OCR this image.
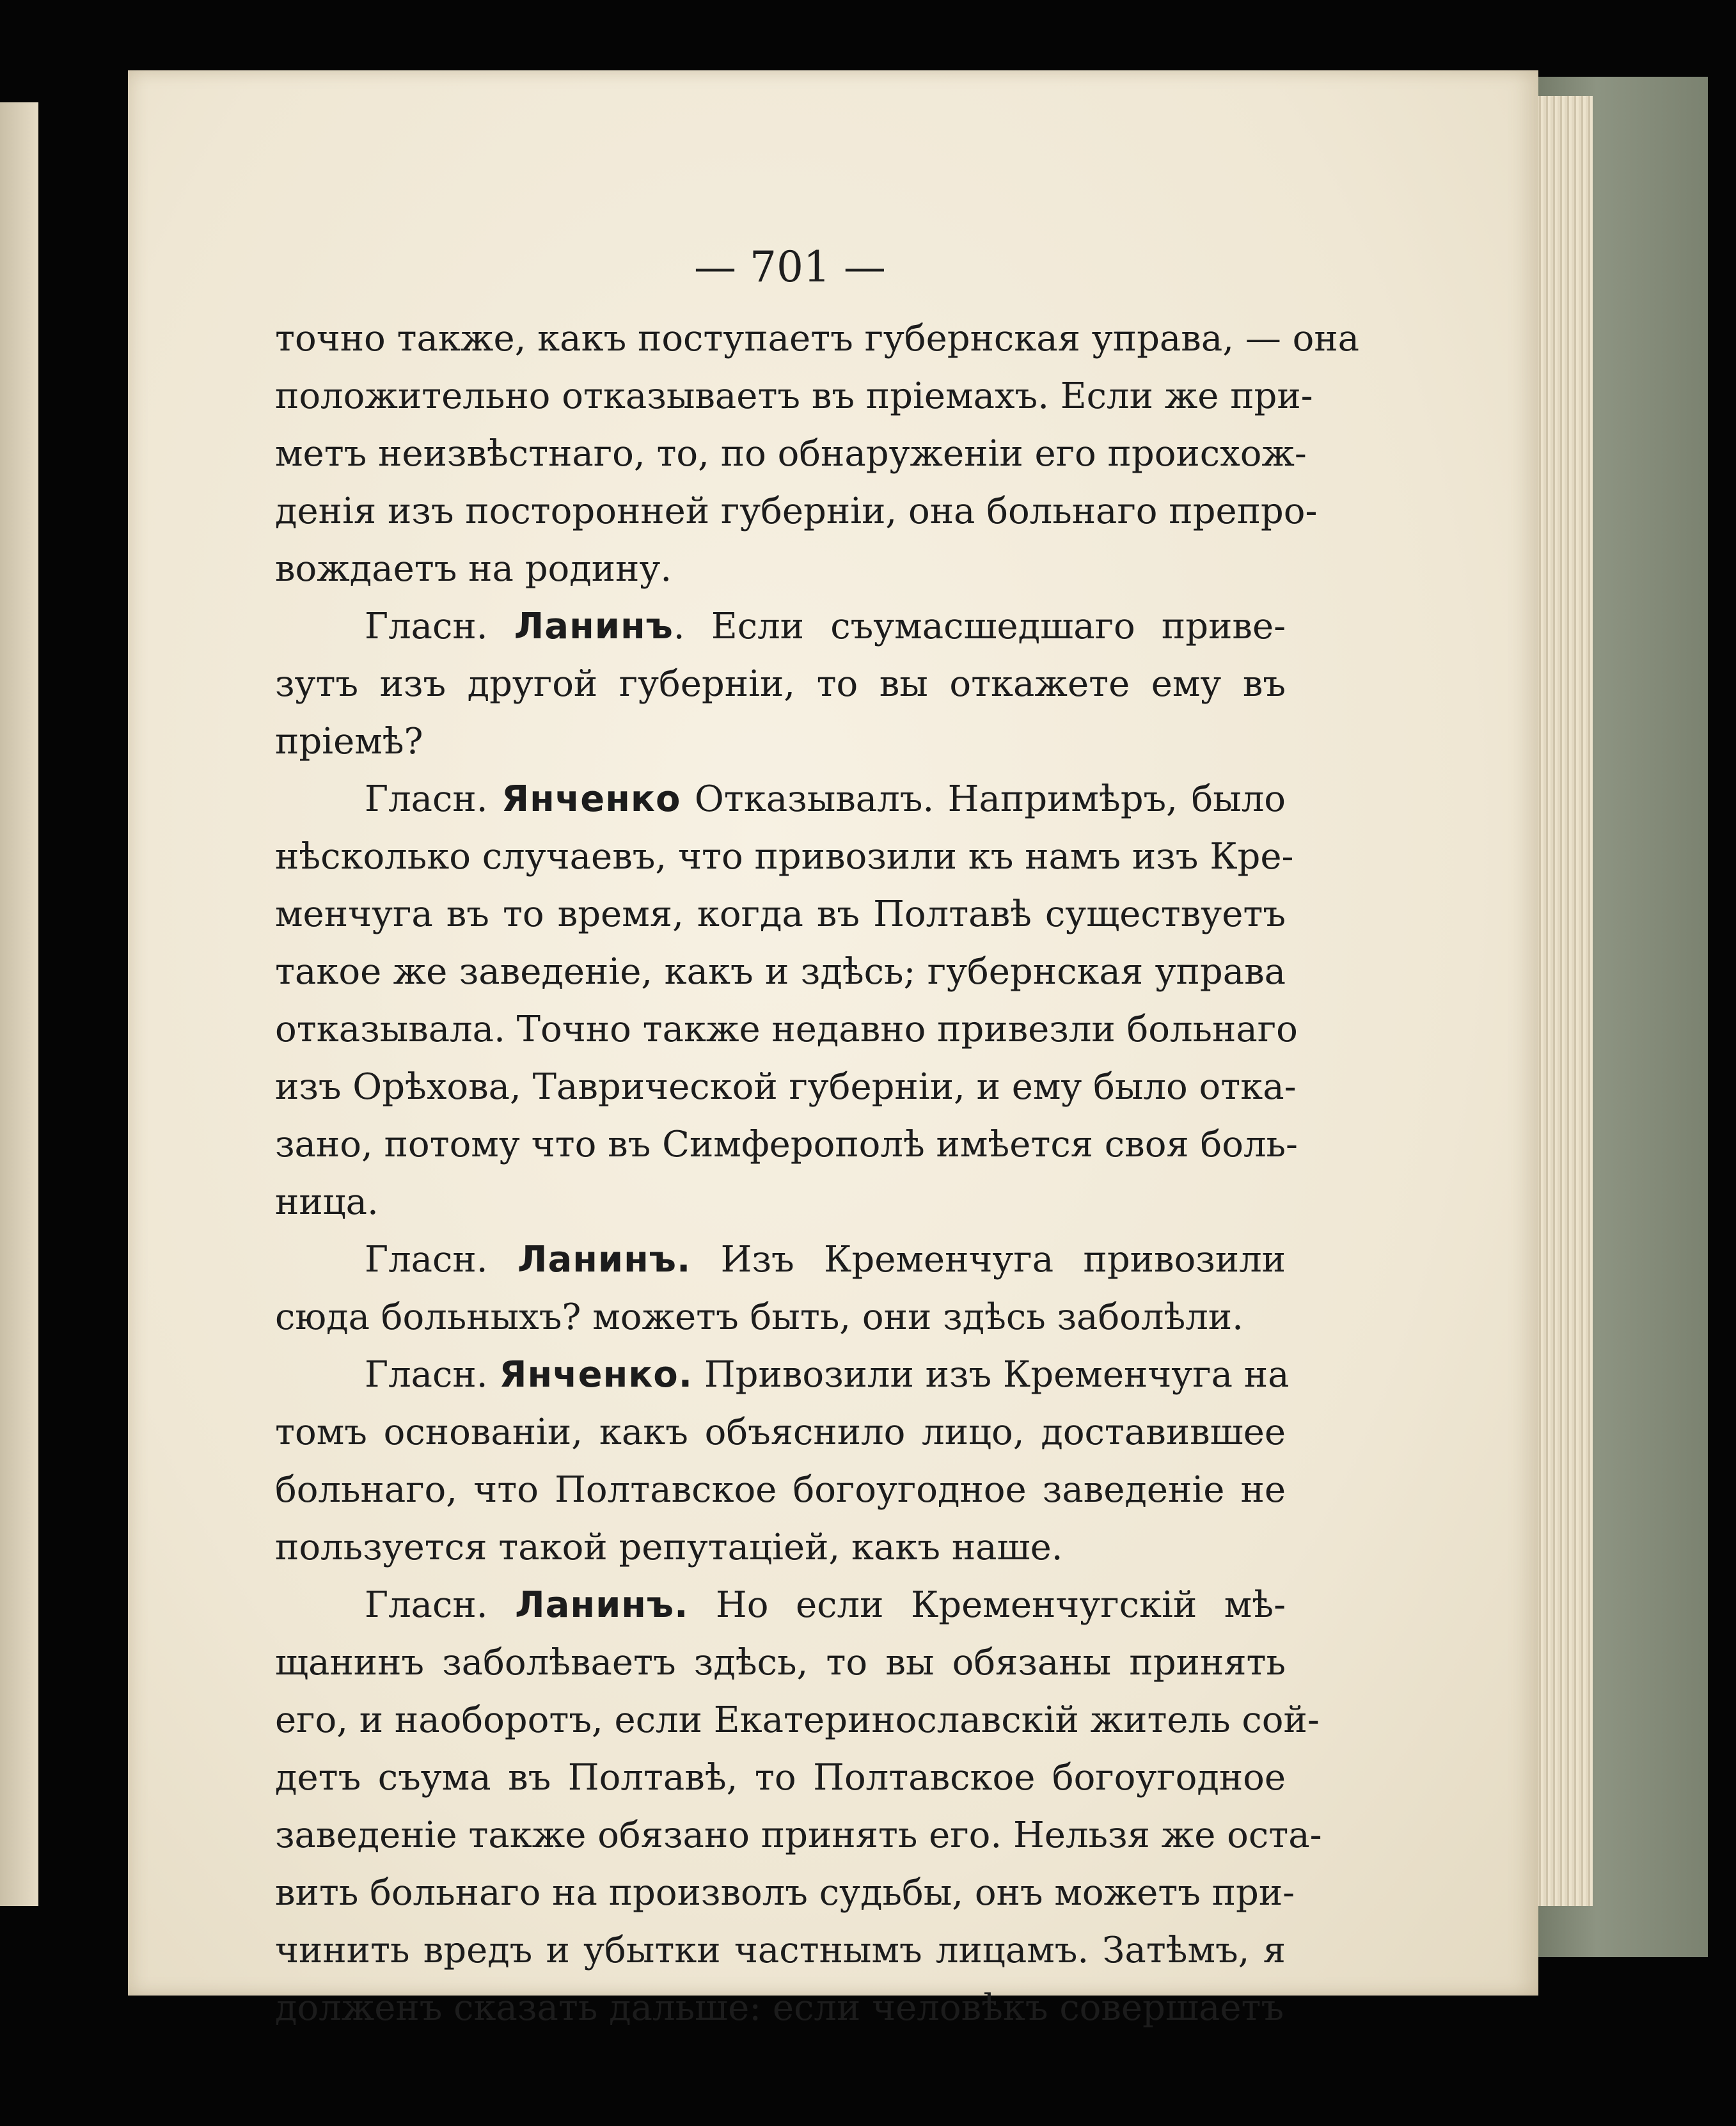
— 701 —

точно также, какъ поступаетъ губернская управа, — она
положительно отказываетъ въ пріемахъ. Если же при-
метъ неизвѣстнаго, то, по обнаруженіи его происхож-
денія изъ посторонней губерніи, она больнаго препро-
вождаетъ на родину.

Гласн. Ланинъ. Если съумасшедшаго приве-
зутъ изъ другой губерніи, то вы откажете ему въ
пріемѣ?

Гласн. Янченко Отказывалъ. Напримѣръ, было
нѣсколько случаевъ, что привозили къ намъ изъ Кре-
менчуга въ то время, когда въ Полтавѣ существуетъ
такое же заведеніе, какъ и здѣсь; губернская управа
отказывала. Точно также недавно привезли больнаго
изъ Орѣхова, Таврической губерніи, и ему было отка-
зано, потому что въ Симферополѣ имѣется своя боль-
ница.

Гласн. Ланинъ. Изъ Кременчуга привозили
сюда больныхъ? можетъ быть, они здѣсь заболѣли.

Гласн. Янченко. Привозили изъ Кременчуга на
томъ основаніи, какъ объяснило лицо, доставившее
больнаго, что Полтавское богоугодное заведеніе не
пользуется такой репутаціей, какъ наше.

Гласн. Ланинъ. Но если Кременчугскій мѣ-
щанинъ заболѣваетъ здѣсь, то вы обязаны принять
его, и наоборотъ, если Екатеринославскій житель сой-
детъ съума въ Полтавѣ, то Полтавское богоугодное
заведеніе также обязано принять его. Нельзя же оста-
вить больнаго на произволъ судьбы, онъ можетъ при-
чинить вредъ и убытки частнымъ лицамъ. Затѣмъ, я
долженъ сказать дальше: если человѣкъ совершаетъ
